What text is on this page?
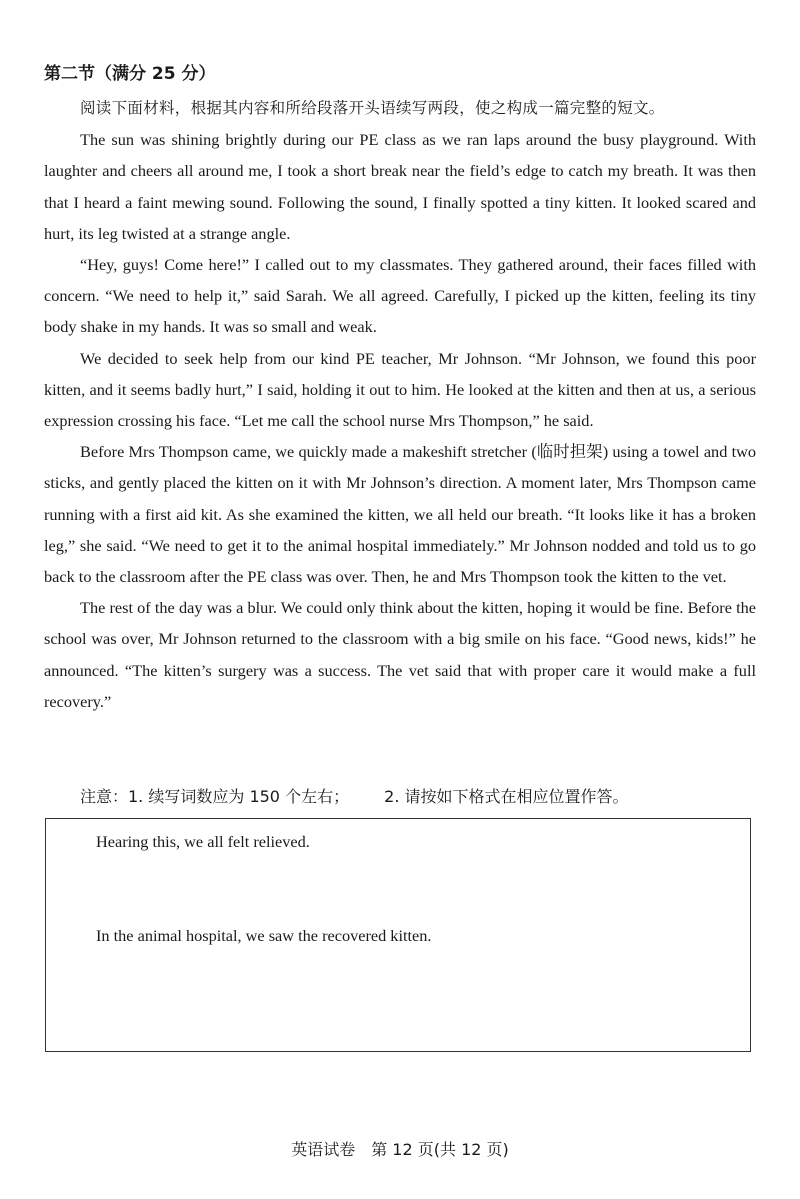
第二节（满分 25 分）

阅读下面材料，根据其内容和所给段落开头语续写两段，使之构成一篇完整的短文。

The sun was shining brightly during our PE class as we ran laps around the busy playground. With laughter and cheers all around me, I took a short break near the field’s edge to catch my breath. It was then that I heard a faint mewing sound. Following the sound, I finally spotted a tiny kitten. It looked scared and hurt, its leg twisted at a strange angle.

“Hey, guys! Come here!” I called out to my classmates. They gathered around, their faces filled with concern. “We need to help it,” said Sarah. We all agreed. Carefully, I picked up the kitten, feeling its tiny body shake in my hands. It was so small and weak.

We decided to seek help from our kind PE teacher, Mr Johnson. “Mr Johnson, we found this poor kitten, and it seems badly hurt,” I said, holding it out to him. He looked at the kitten and then at us, a serious expression crossing his face. “Let me call the school nurse Mrs Thompson,” he said.

Before Mrs Thompson came, we quickly made a makeshift stretcher (临时担架) using a towel and two sticks, and gently placed the kitten on it with Mr Johnson’s direction. A moment later, Mrs Thompson came running with a first aid kit. As she examined the kitten, we all held our breath. “It looks like it has a broken leg,” she said. “We need to get it to the animal hospital immediately.” Mr Johnson nodded and told us to go back to the classroom after the PE class was over. Then, he and Mrs Thompson took the kitten to the vet.

The rest of the day was a blur. We could only think about the kitten, hoping it would be fine. Before the school was over, Mr Johnson returned to the classroom with a big smile on his face. “Good news, kids!” he announced. “The kitten’s surgery was a success. The vet said that with proper care it would make a full recovery.”

注意：1. 续写词数应为 150 个左右； 2. 请按如下格式在相应位置作答。
Hearing this, we all felt relieved.
In the animal hospital, we saw the recovered kitten.
英语试卷　第 12 页(共 12 页)
